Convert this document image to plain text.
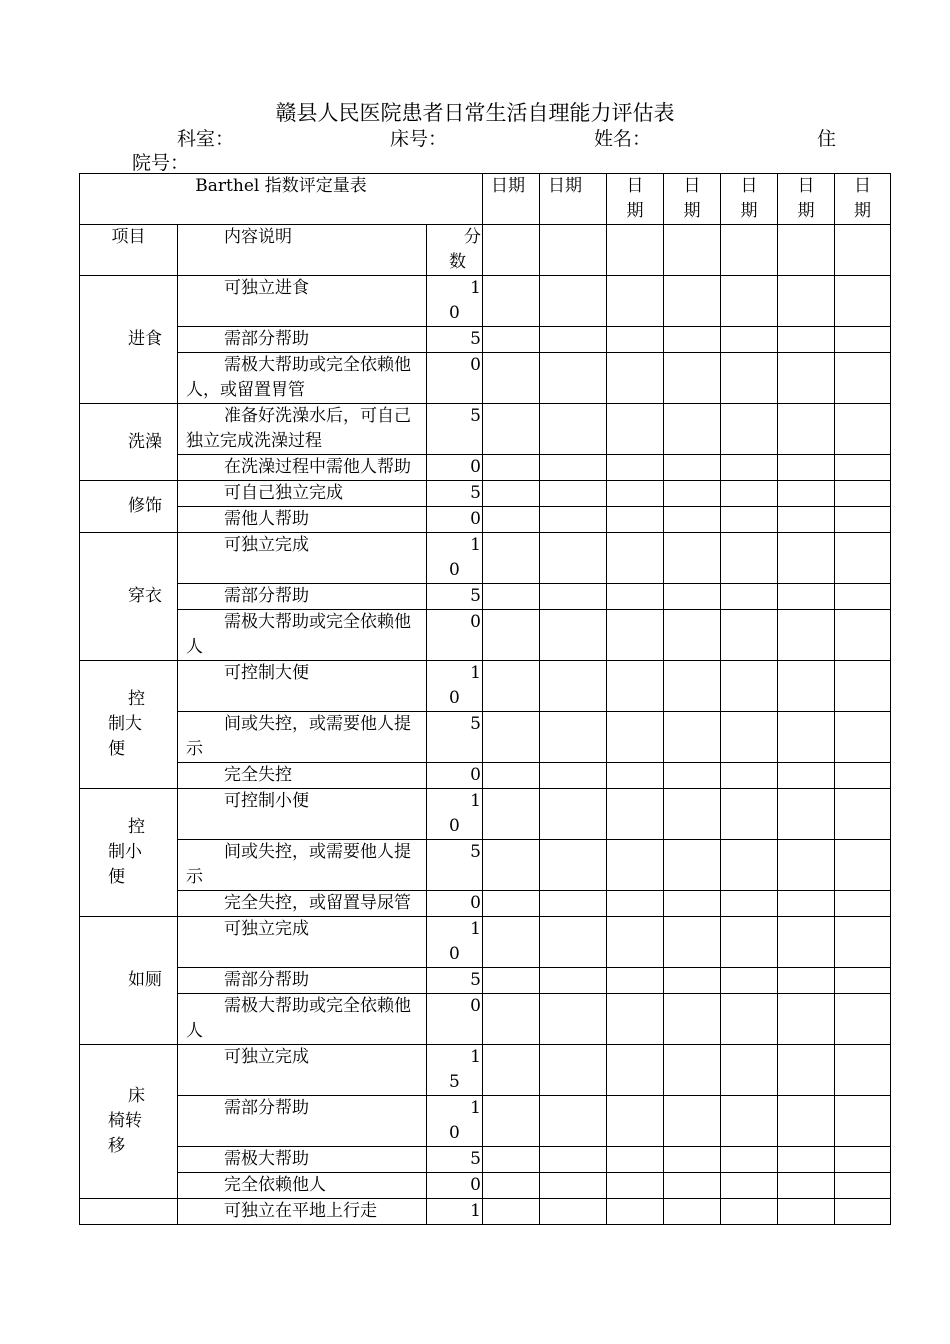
赣县人民医院患者日常生活自理能力评估表
科室：	床号：	姓名：	住
院号：
Barthel 指数评定量表			日期	日期	日
期	日
期	日
期	日
期	日
期

项目	内容说明	分
数							

进食	可独立进食	1
0							

	需部分帮助	5							

	需极大帮助或完全依赖他人，或留置胃管	0							

洗澡	准备好洗澡水后，可自己独立完成洗澡过程	5							

	在洗澡过程中需他人帮助	0							

修饰	可自己独立完成	5							

	需他人帮助	0							

穿衣	可独立完成	1
0							

	需部分帮助	5							

	需极大帮助或完全依赖他人	0							

控制大便	可控制大便	1
0							

	间或失控，或需要他人提示	5							

	完全失控	0							

控制小便	可控制小便	1
0							

	间或失控，或需要他人提示	5							

	完全失控，或留置导尿管	0							

如厕	可独立完成	1
0							

	需部分帮助	5							

	需极大帮助或完全依赖他人	0							

床椅转移	可独立完成	1
5							

	需部分帮助	1
0							

	需极大帮助	5							

	完全依赖他人	0							

	可独立在平地上行走	1							
